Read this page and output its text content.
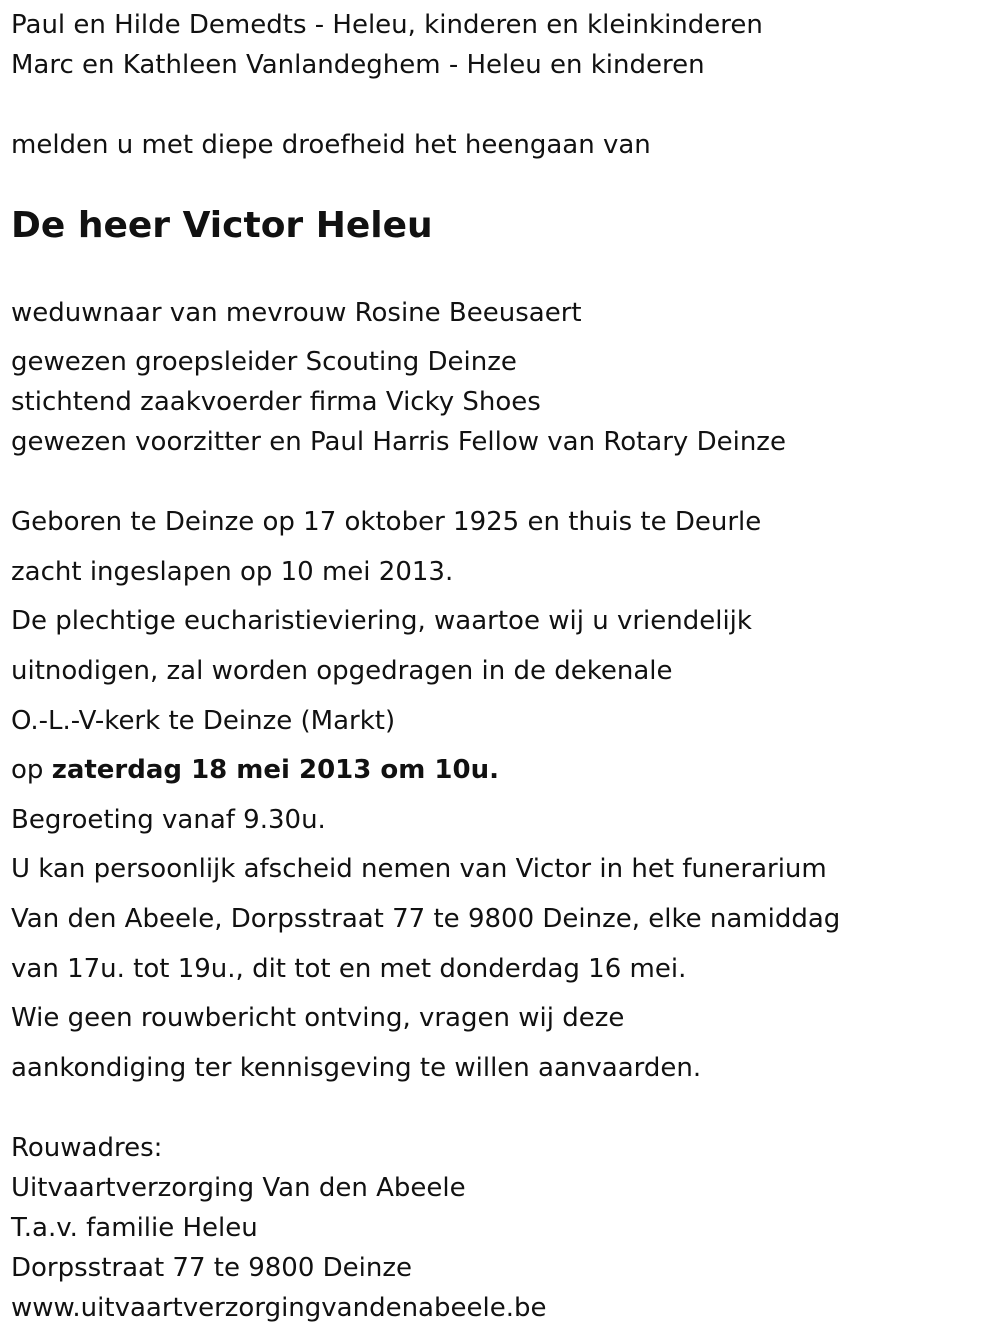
Paul en Hilde Demedts - Heleu, kinderen en kleinkinderen
Marc en Kathleen Vanlandeghem - Heleu en kinderen
melden u met diepe droefheid het heengaan van
De heer Victor Heleu
weduwnaar van mevrouw Rosine Beeusaert
gewezen groepsleider Scouting Deinze
stichtend zaakvoerder firma Vicky Shoes
gewezen voorzitter en Paul Harris Fellow van Rotary Deinze
Geboren te Deinze op 17 oktober 1925 en thuis te Deurle
zacht ingeslapen op 10 mei 2013.
De plechtige eucharistieviering, waartoe wij u vriendelijk
uitnodigen, zal worden opgedragen in de dekenale
O.-L.-V-kerk te Deinze (Markt)
op zaterdag 18 mei 2013 om 10u.
Begroeting vanaf 9.30u.
U kan persoonlijk afscheid nemen van Victor in het funerarium
Van den Abeele, Dorpsstraat 77 te 9800 Deinze, elke namiddag
van 17u. tot 19u., dit tot en met donderdag 16 mei.
Wie geen rouwbericht ontving, vragen wij deze
aankondiging ter kennisgeving te willen aanvaarden.
Rouwadres:
Uitvaartverzorging Van den Abeele
T.a.v. familie Heleu
Dorpsstraat 77 te 9800 Deinze
www.uitvaartverzorgingvandenabeele.be
